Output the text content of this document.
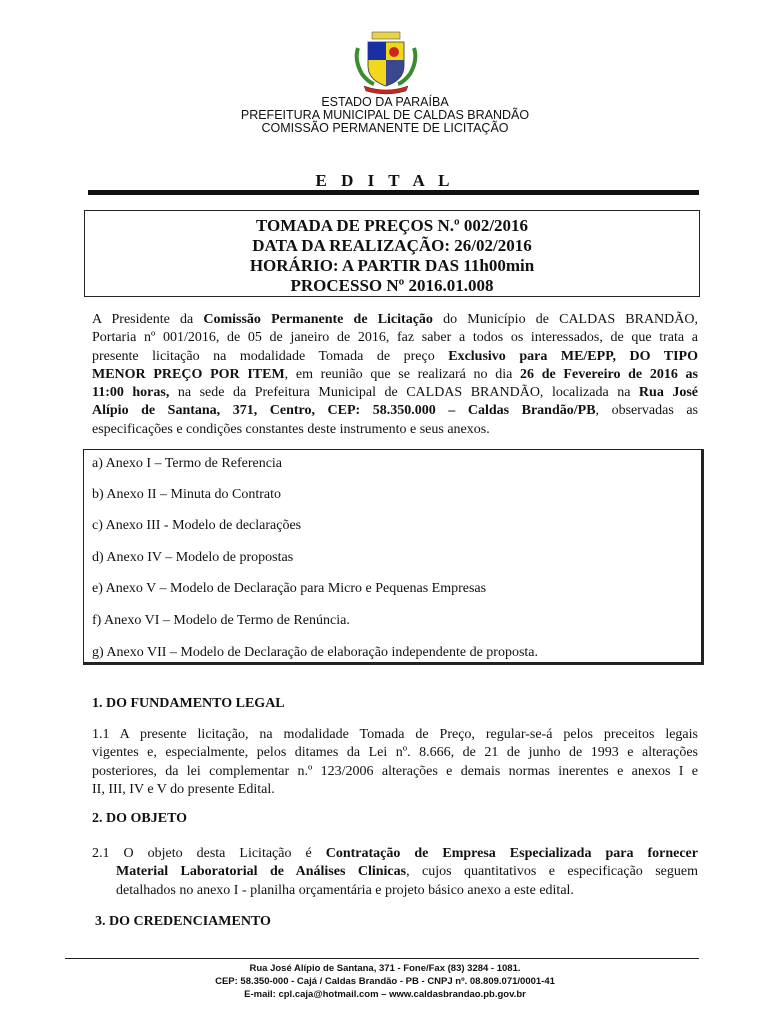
ESTADO DA PARAÍBA
PREFEITURA MUNICIPAL DE CALDAS BRANDÃO
COMISSÃO PERMANENTE DE LICITAÇÃO
E D I T A L
TOMADA DE PREÇOS N.º 002/2016
DATA DA REALIZAÇÃO: 26/02/2016
HORÁRIO: A PARTIR DAS 11h00min
PROCESSO Nº 2016.01.008
A Presidente da Comissão Permanente de Licitação do Município de CALDAS BRANDÃO,
Portaria nº 001/2016, de 05 de janeiro de 2016, faz saber a todos os interessados, de que trata a
presente licitação na modalidade Tomada de preço Exclusivo para ME/EPP, DO TIPO
MENOR PREÇO POR ITEM, em reunião que se realizará no dia 26 de Fevereiro de 2016 as
11:00 horas, na sede da Prefeitura Municipal de CALDAS BRANDÃO, localizada na Rua José
Alípio de Santana, 371, Centro, CEP: 58.350.000 – Caldas Brandão/PB, observadas as
especificações e condições constantes deste instrumento e seus anexos.
a) Anexo I – Termo de Referencia
b) Anexo II – Minuta do Contrato
c) Anexo III - Modelo de declarações
d) Anexo IV – Modelo de propostas
e) Anexo V – Modelo de Declaração para Micro e Pequenas Empresas
f) Anexo VI – Modelo de Termo de Renúncia.
g) Anexo VII – Modelo de Declaração de elaboração independente de proposta.
1. DO FUNDAMENTO LEGAL
1.1 A presente licitação, na modalidade Tomada de Preço, regular-se-á pelos preceitos legais
vigentes e, especialmente, pelos ditames da Lei nº. 8.666, de 21 de junho de 1993 e alterações
posteriores, da lei complementar n.º 123/2006 alterações e demais normas inerentes e anexos I e
II, III, IV e V do presente Edital.
2. DO OBJETO
2.1 O objeto desta Licitação é Contratação de Empresa Especializada para fornecer
Material Laboratorial de Análises Clinicas, cujos quantitativos e especificação seguem
detalhados no anexo I - planilha orçamentária e projeto básico anexo a este edital.
3. DO CREDENCIAMENTO
Rua José Alípio de Santana, 371 - Fone/Fax (83) 3284 - 1081.
CEP: 58.350-000 - Cajá / Caldas Brandão - PB - CNPJ nº. 08.809.071/0001-41
E-mail: cpl.caja@hotmail.com – www.caldasbrandao.pb.gov.br
